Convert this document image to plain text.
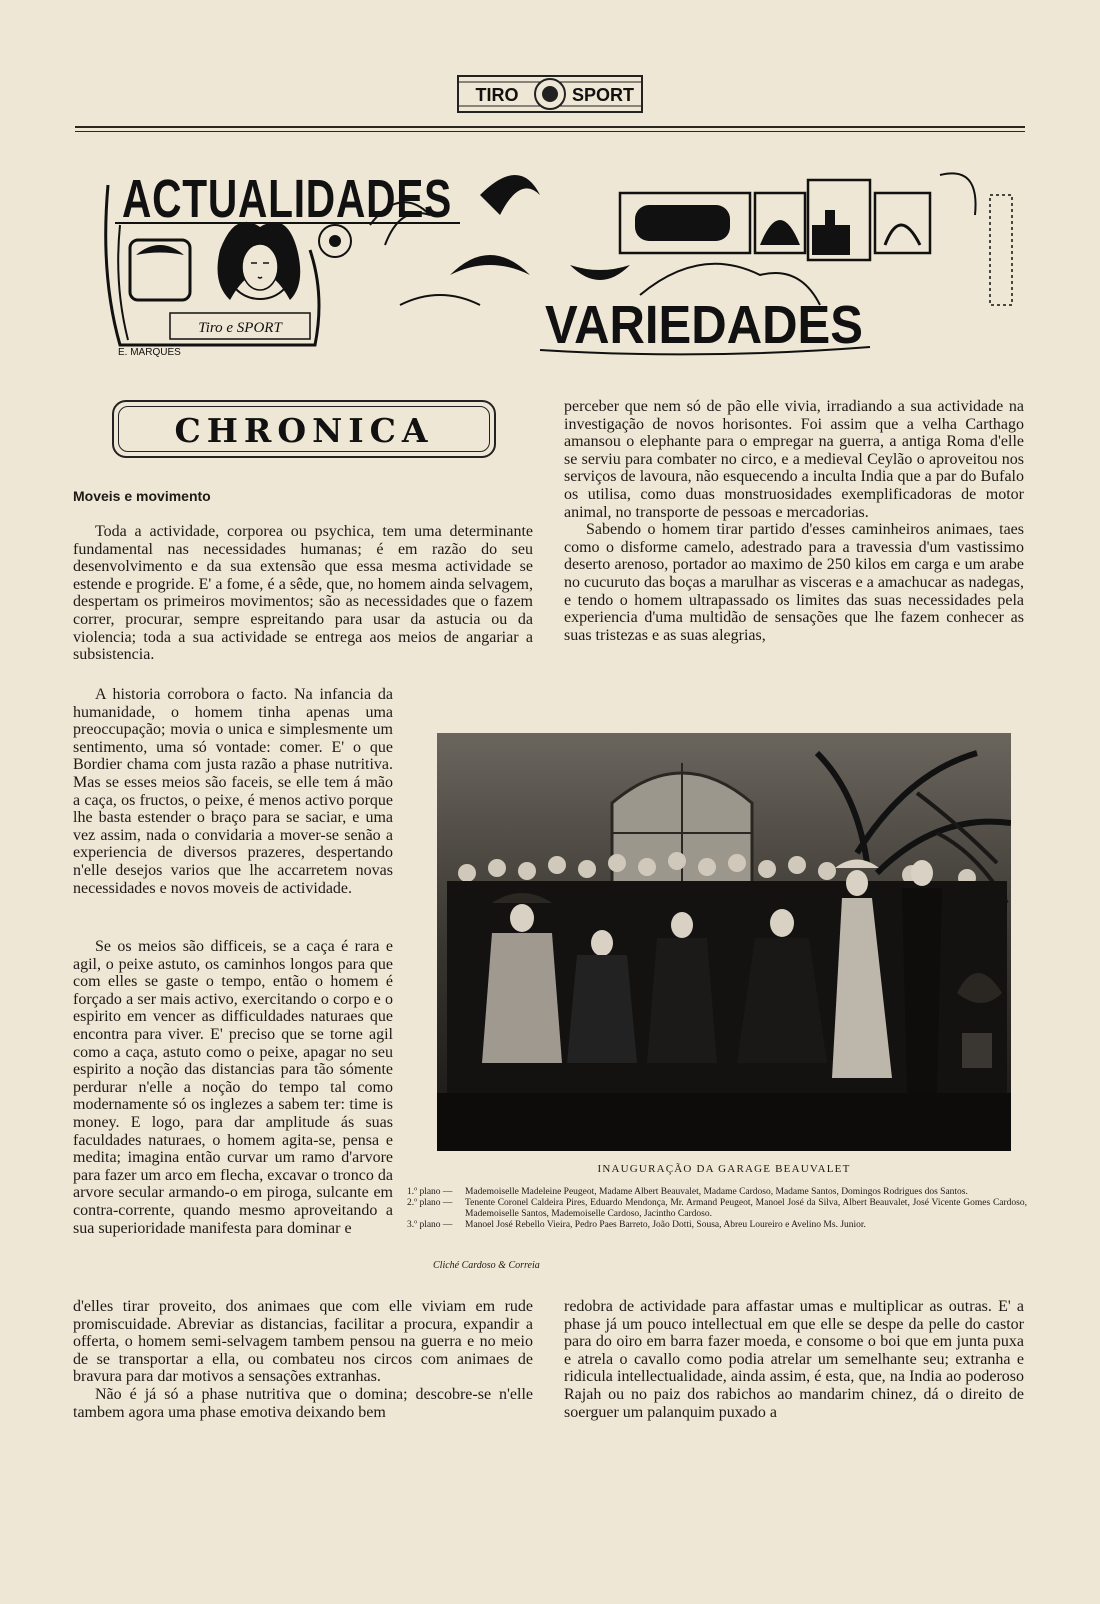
TIRO	SPORT
ACTUALIDADES
Tiro e SPORT
E. MARQUES	VARIEDADES
CHRONICA
Moveis e movimento

Toda a actividade, corporea ou psychica, tem uma determinante fundamental nas necessidades humanas; é em razão do seu desenvolvimento e da sua extensão que essa mesma actividade se estende e progride. E' a fome, é a sêde, que, no homem ainda selvagem, despertam os primeiros movimentos; são as necessidades que o fazem correr, procurar, sempre espreitando para usar da astucia ou da violencia; toda a sua actividade se entrega aos meios de angariar a subsistencia.

A historia corrobora o facto. Na infancia da humanidade, o homem tinha apenas uma preoccupação; movia o unica e simplesmente um sentimento, uma só vontade: comer. E' o que Bordier chama com justa razão a phase nutritiva. Mas se esses meios são faceis, se elle tem á mão a caça, os fructos, o peixe, é menos activo porque lhe basta estender o braço para se saciar, e uma vez assim, nada o convidaria a mover-se senão a experiencia de diversos prazeres, despertando n'elle desejos varios que lhe accarretem novas necessidades e novos moveis de actividade.

Se os meios são difficeis, se a caça é rara e agil, o peixe astuto, os caminhos longos para que com elles se gaste o tempo, então o homem é forçado a ser mais activo, exercitando o corpo e o espirito em vencer as difficuldades naturaes que encontra para viver. E' preciso que se torne agil como a caça, astuto como o peixe, apagar no seu espirito a noção das distancias para tão sómente perdurar n'elle a noção do tempo tal como modernamente só os inglezes a sabem ter: time is money. E logo, para dar amplitude ás suas faculdades naturaes, o homem agita-se, pensa e medita; imagina então curvar um ramo d'arvore para fazer um arco em flecha, excavar o tronco da arvore secular armando-o em piroga, sulcante em contra-corrente, quando mesmo aproveitando a sua superioridade manifesta para dominar e

d'elles tirar proveito, dos animaes que com elle viviam em rude promiscuidade. Abreviar as distancias, facilitar a procura, expandir a offerta, o homem semi-selvagem tambem pensou na guerra e no meio de se transportar a ella, ou combateu nos circos com animaes de bravura para dar motivos a sensações extranhas.

Não é já só a phase nutritiva que o domina; descobre-se n'elle tambem agora uma phase emotiva deixando bem

perceber que nem só de pão elle vivia, irradiando a sua actividade na investigação de novos horisontes. Foi assim que a velha Carthago amansou o elephante para o empregar na guerra, a antiga Roma d'elle se serviu para combater no circo, e a medieval Ceylão o aproveitou nos serviços de lavoura, não esquecendo a inculta India que a par do Bufalo os utilisa, como duas monstruosidades exemplificadoras de motor animal, no transporte de pessoas e mercadorias.

Sabendo o homem tirar partido d'esses caminheiros animaes, taes como o disforme camelo, adestrado para a travessia d'um vastissimo deserto arenoso, portador ao maximo de 250 kilos em carga e um arabe no cucuruto das boças a marulhar as visceras e a amachucar as nadegas, e tendo o homem ultrapassado os limites das suas necessidades pela experiencia d'uma multidão de sensações que lhe fazem conhecer as suas tristezas e as suas alegrias,

redobra de actividade para affastar umas e multiplicar as outras. E' a phase já um pouco intellectual em que elle se despe da pelle do castor para do oiro em barra fazer moeda, e consome o boi que em junta puxa e atrela o cavallo como podia atrelar um semelhante seu; extranha e ridicula intellectualidade, ainda assim, é esta, que, na India ao poderoso Rajah ou no paiz dos rabichos ao mandarim chinez, dá o direito de soerguer um palanquim puxado a

INAUGURAÇÃO DA GARAGE BEAUVALET
1.º plano —	Mademoiselle Madeleine Peugeot, Madame Albert Beauvalet, Madame Cardoso, Madame Santos, Domingos Rodrigues dos Santos.
2.º plano —	Tenente Coronel Caldeira Pires, Eduardo Mendonça, Mr. Armand Peugeot, Manoel José da Silva, Albert Beauvalet, José Vicente Gomes Cardoso, Mademoiselle Santos, Mademoiselle Cardoso, Jacintho Cardoso.
3.º plano —	Manoel José Rebello Vieira, Pedro Paes Barreto, João Dotti, Sousa, Abreu Loureiro e Avelino Ms. Junior.
Cliché Cardoso & Correia
